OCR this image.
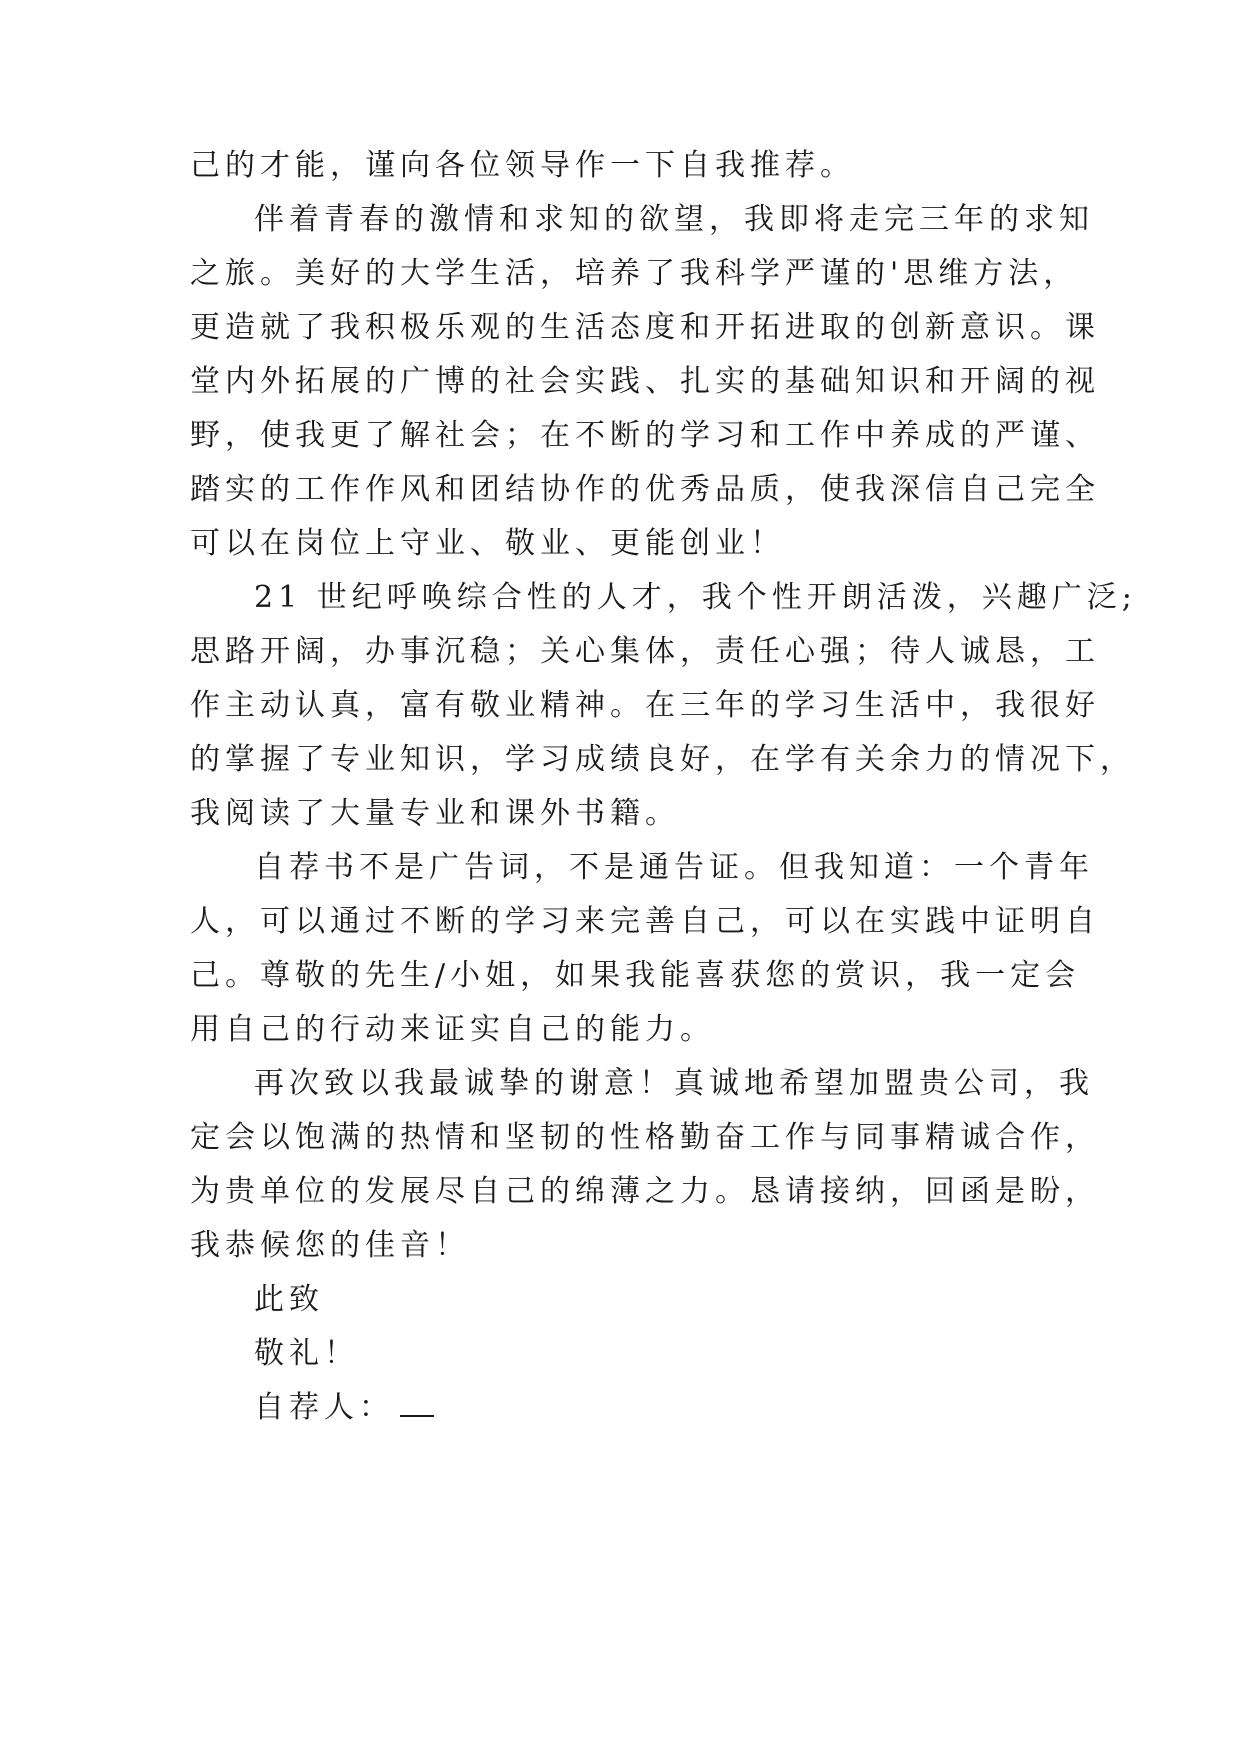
己的才能，谨向各位领导作一下自我推荐。
伴着青春的激情和求知的欲望，我即将走完三年的求知
之旅。美好的大学生活，培养了我科学严谨的'思维方法，
更造就了我积极乐观的生活态度和开拓进取的创新意识。课
堂内外拓展的广博的社会实践、扎实的基础知识和开阔的视
野，使我更了解社会；在不断的学习和工作中养成的严谨、
踏实的工作作风和团结协作的优秀品质，使我深信自己完全
可以在岗位上守业、敬业、更能创业！
21 世纪呼唤综合性的人才，我个性开朗活泼，兴趣广泛;
思路开阔，办事沉稳；关心集体，责任心强；待人诚恳，工
作主动认真，富有敬业精神。在三年的学习生活中，我很好
的掌握了专业知识，学习成绩良好，在学有关余力的情况下，
我阅读了大量专业和课外书籍。
自荐书不是广告词，不是通告证。但我知道：一个青年
人，可以通过不断的学习来完善自己，可以在实践中证明自
己。尊敬的先生/小姐，如果我能喜获您的赏识，我一定会
用自己的行动来证实自己的能力。
再次致以我最诚挚的谢意！真诚地希望加盟贵公司，我
定会以饱满的热情和坚韧的性格勤奋工作与同事精诚合作，
为贵单位的发展尽自己的绵薄之力。恳请接纳，回函是盼，
我恭候您的佳音！
此致
敬礼！
自荐人：
